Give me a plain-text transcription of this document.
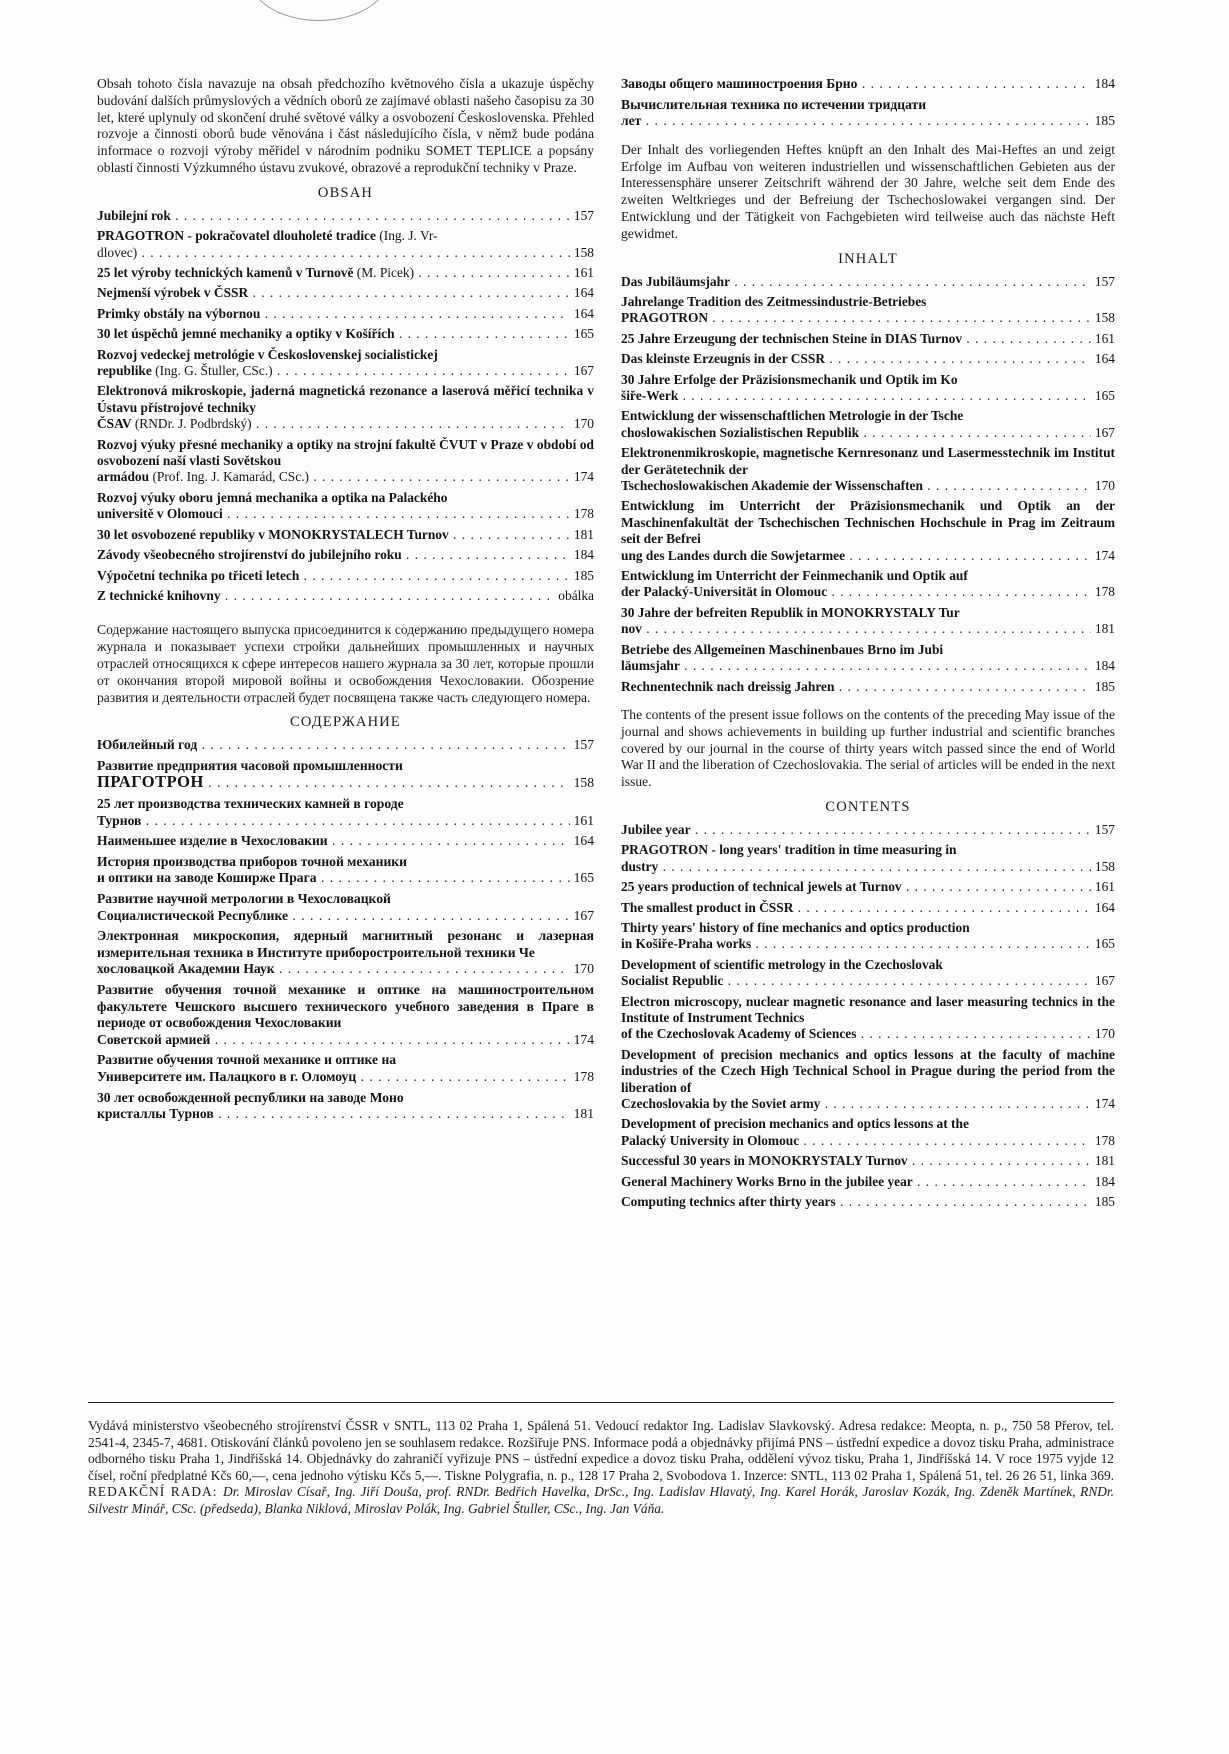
Obsah tohoto čísla navazuje na obsah předchozího květnového čísla a ukazuje úspěchy budování dalších průmyslových a vědních oborů ze zajímavé oblasti našeho časopisu za 30 let, které uplynuly od skončení druhé světové války a osvobození Československa. Přehled rozvoje a činnosti oborů bude věnována i část následujícího čísla, v němž bude podána informace o rozvoji výroby měřidel v národním podniku SOMET TEPLICE a popsány oblasti činnosti Výzkumného ústavu zvukové, obrazové a reprodukční techniky v Praze.

OBSAH
Jubilejní rok . . .	157
PRAGOTRON - pokračovatel dlouholeté tradice (Ing. J. Vr-
dlovec) . . .	158
25 let výroby technických kamenů v Turnově (M. Picek) . . .	161
Nejmenší výrobek v ČSSR . . .	164
Primky obstály na výbornou . . .	164
30 let úspěchů jemné mechaniky a optiky v Košířích . . .	165
Rozvoj vedeckej metrológie v Československej socialistickej
republike (Ing. G. Štuller, CSc.) . . .	167
Elektronová mikroskopie, jaderná magnetická rezonance a laserová měřicí technika v Ústavu přístrojové techniky
ČSAV (RNDr. J. Podbrdský) . . .	170
Rozvoj výuky přesné mechaniky a optiky na strojní fakultě ČVUT v Praze v období od osvobození naší vlasti Sovětskou
armádou (Prof. Ing. J. Kamarád, CSc.) . . .	174
Rozvoj výuky oboru jemná mechanika a optika na Palackého
universitě v Olomouci . . .	178
30 let osvobozené republiky v MONOKRYSTALECH Turnov . . .	181
Závody všeobecného strojírenství do jubilejního roku . . .	184
Výpočetní technika po třiceti letech . . .	185
Z technické knihovny . . .	obálka

Содержание настоящего выпуска присоединится к содержанию предыдущего номера журнала и показывает успехи стройки дальнейших промышленных и научных отраслей относящихся к сфере интересов нашего журнала за 30 лет, которые прошли от окончания второй мировой войны и освобождения Чехословакии. Обозрение развития и деятельности отраслей будет посвящена также часть следующего номера.

СОДЕРЖАНИЕ
Юбилейный год . . .	157
Развитие предприятия часовой промышленности
ПРАГОТРОН . . .	158
25 лет производства технических камней в городе
Турнов . . .	161
Наименьшее изделие в Чехословакии . . .	164
История производства приборов точной механики
и оптики на заводе Коширже Прага . . .	165
Развитие научной метрологии в Чехословацкой
Социалистической Республике . . .	167
Электронная микроскопия, ядерный магнитный резонанс и лазерная измерительная техника в Институте приборостроительной техники Че
хословацкой Академии Наук . . .	170
Развитие обучения точной механике и оптике на машиностроительном факультете Чешского высшего технического учебного заведения в Праге в периоде от освобождения Чехословакии
Советской армией . . .	174
Развитие обучения точной механике и оптике на
Университете им. Палацкого в г. Оломоуц . . .	178
30 лет освобожденной республики на заводе Моно
кристаллы Турнов . . .	181
Заводы общего машиностроения Брно . . .	184
Вычислительная техника по истечении тридцати
лет . . .	185

Der Inhalt des vorliegenden Heftes knüpft an den Inhalt des Mai-Heftes an und zeigt Erfolge im Aufbau von weiteren industriellen und wissenschaftlichen Gebieten aus der Interessensphäre unserer Zeitschrift während der 30 Jahre, welche seit dem Ende des zweiten Weltkrieges und der Befreiung der Tschechoslowakei vergangen sind. Der Entwicklung und der Tätigkeit von Fachgebieten wird teilweise auch das nächste Heft gewidmet.

INHALT
Das Jubiläumsjahr . . .	157
Jahrelange Tradition des Zeitmessindustrie-Betriebes
PRAGOTRON . . .	158
25 Jahre Erzeugung der technischen Steine in DIAS Turnov . . .	161
Das kleinste Erzeugnis in der CSSR . . .	164
30 Jahre Erfolge der Präzisionsmechanik und Optik im Ko
šiře-Werk . . .	165
Entwicklung der wissenschaftlichen Metrologie in der Tsche
choslowakischen Sozialistischen Republik . . .	167
Elektronenmikroskopie, magnetische Kernresonanz und Lasermesstechnik im Institut der Gerätetechnik der
Tschechoslowakischen Akademie der Wissenschaften . . .	170
Entwicklung im Unterricht der Präzisionsmechanik und Optik an der Maschinenfakultät der Tschechischen Technischen Hochschule in Prag im Zeitraum seit der Befrei
ung des Landes durch die Sowjetarmee . . .	174
Entwicklung im Unterricht der Feinmechanik und Optik auf
der Palacký-Universität in Olomouc . . .	178
30 Jahre der befreiten Republik in MONOKRYSTALY Tur
nov . . .	181
Betriebe des Allgemeinen Maschinenbaues Brno im Jubi
läumsjahr . . .	184
Rechnentechnik nach dreissig Jahren . . .	185

The contents of the present issue follows on the contents of the preceding May issue of the journal and shows achievements in building up further industrial and scientific branches covered by our journal in the course of thirty years witch passed since the end of World War II and the liberation of Czechoslovakia. The serial of articles will be ended in the next issue.

CONTENTS
Jubilee year . . .	157
PRAGOTRON - long years' tradition in time measuring in
dustry . . .	158
25 years production of technical jewels at Turnov . . .	161
The smallest product in ČSSR . . .	164
Thirty years' history of fine mechanics and optics production
in Košiře-Praha works . . .	165
Development of scientific metrology in the Czechoslovak
Socialist Republic . . .	167
Electron microscopy, nuclear magnetic resonance and laser measuring technics in the Institute of Instrument Technics
of the Czechoslovak Academy of Sciences . . .	170
Development of precision mechanics and optics lessons at the faculty of machine industries of the Czech High Technical School in Prague during the period from the liberation of
Czechoslovakia by the Soviet army . . .	174
Development of precision mechanics and optics lessons at the
Palacký University in Olomouc . . .	178
Successful 30 years in MONOKRYSTALY Turnov . . .	181
General Machinery Works Brno in the jubilee year . . .	184
Computing technics after thirty years . . .	185
Vydává ministerstvo všeobecného strojírenství ČSSR v SNTL, 113 02 Praha 1, Spálená 51. Vedoucí redaktor Ing. Ladislav Slavkovský. Adresa redakce: Meopta, n. p., 750 58 Přerov, tel. 2541-4, 2345-7, 4681. Otiskování článků povoleno jen se souhlasem redakce. Rozšiřuje PNS. Informace podá a objednávky přijímá PNS – ústřední expedice a dovoz tisku Praha, administrace odborného tisku Praha 1, Jindřišská 14. Objednávky do zahraničí vyřizuje PNS – ústřední expedice a dovoz tisku Praha, oddělení vývoz tisku, Praha 1, Jindřišská 14. V roce 1975 vyjde 12 čísel, roční předplatné Kčs 60,—, cena jednoho výtisku Kčs 5,—. Tiskne Polygrafia, n. p., 128 17 Praha 2, Svobodova 1. Inzerce: SNTL, 113 02 Praha 1, Spálená 51, tel. 26 26 51, linka 369. REDAKČNÍ RADA: Dr. Miroslav Císař, Ing. Jiří Douša, prof. RNDr. Bedřich Havelka, DrSc., Ing. Ladislav Hlavatý, Ing. Karel Horák, Jaroslav Kozák, Ing. Zdeněk Martínek, RNDr. Silvestr Minář, CSc. (předseda), Blanka Niklová, Miroslav Polák, Ing. Gabriel Štuller, CSc., Ing. Jan Váňa.
